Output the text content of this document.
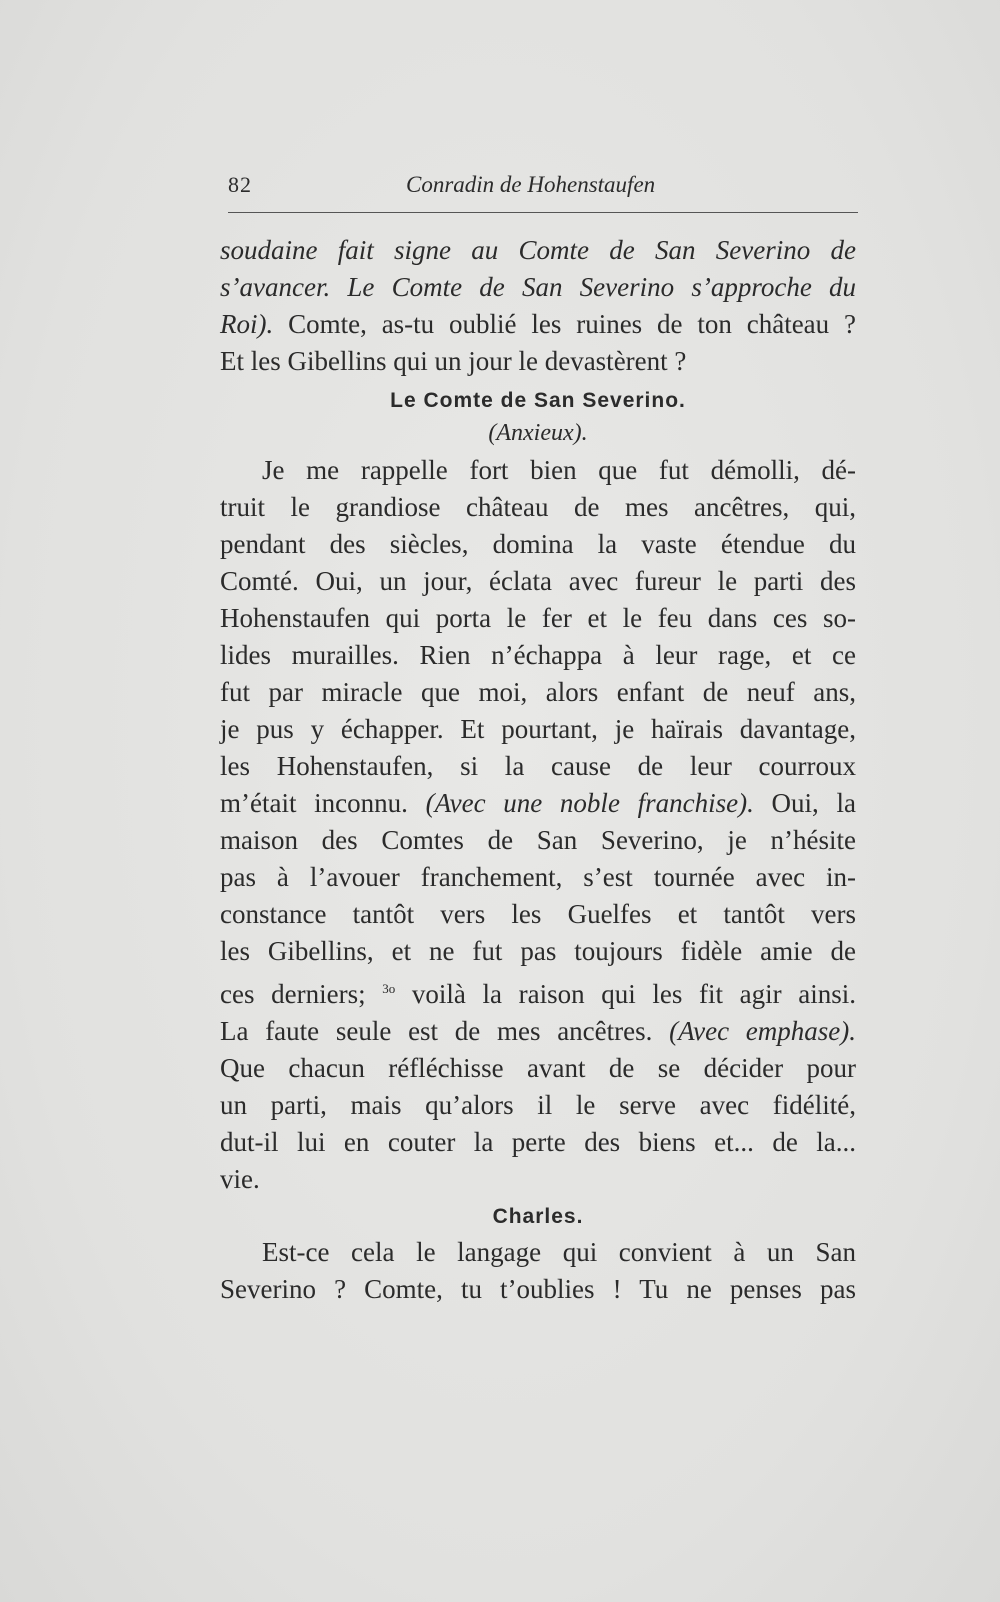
82	Conradin de Hohenstaufen

soudaine fait signe au Comte de San Severino de

s’avancer. Le Comte de San Severino s’approche du

Roi). Comte, as-tu oublié les ruines de ton château ?

Et les Gibellins qui un jour le devastèrent ?

Le Comte de San Severino.

(Anxieux).

Je me rappelle fort bien que fut démolli, dé-

truit le grandiose château de mes ancêtres, qui,

pendant des siècles, domina la vaste étendue du

Comté. Oui, un jour, éclata avec fureur le parti des

Hohenstaufen qui porta le fer et le feu dans ces so-

lides murailles. Rien n’échappa à leur rage, et ce

fut par miracle que moi, alors enfant de neuf ans,

je pus y échapper. Et pourtant, je haïrais davantage,

les Hohenstaufen, si la cause de leur courroux

m’était inconnu. (Avec une noble franchise). Oui, la

maison des Comtes de San Severino, je n’hésite

pas à l’avouer franchement, s’est tournée avec in-

constance tantôt vers les Guelfes et tantôt vers

les Gibellins, et ne fut pas toujours fidèle amie de

ces derniers; $^{3o}$ voilà la raison qui les fit agir ainsi.

La faute seule est de mes ancêtres. (Avec emphase).

Que chacun réfléchisse avant de se décider pour

un parti, mais qu’alors il le serve avec fidélité,

dut-il lui en couter la perte des biens et... de la...

vie.

Charles.

Est-ce cela le langage qui convient à un San

Severino ? Comte, tu t’oublies ! Tu ne penses pas
